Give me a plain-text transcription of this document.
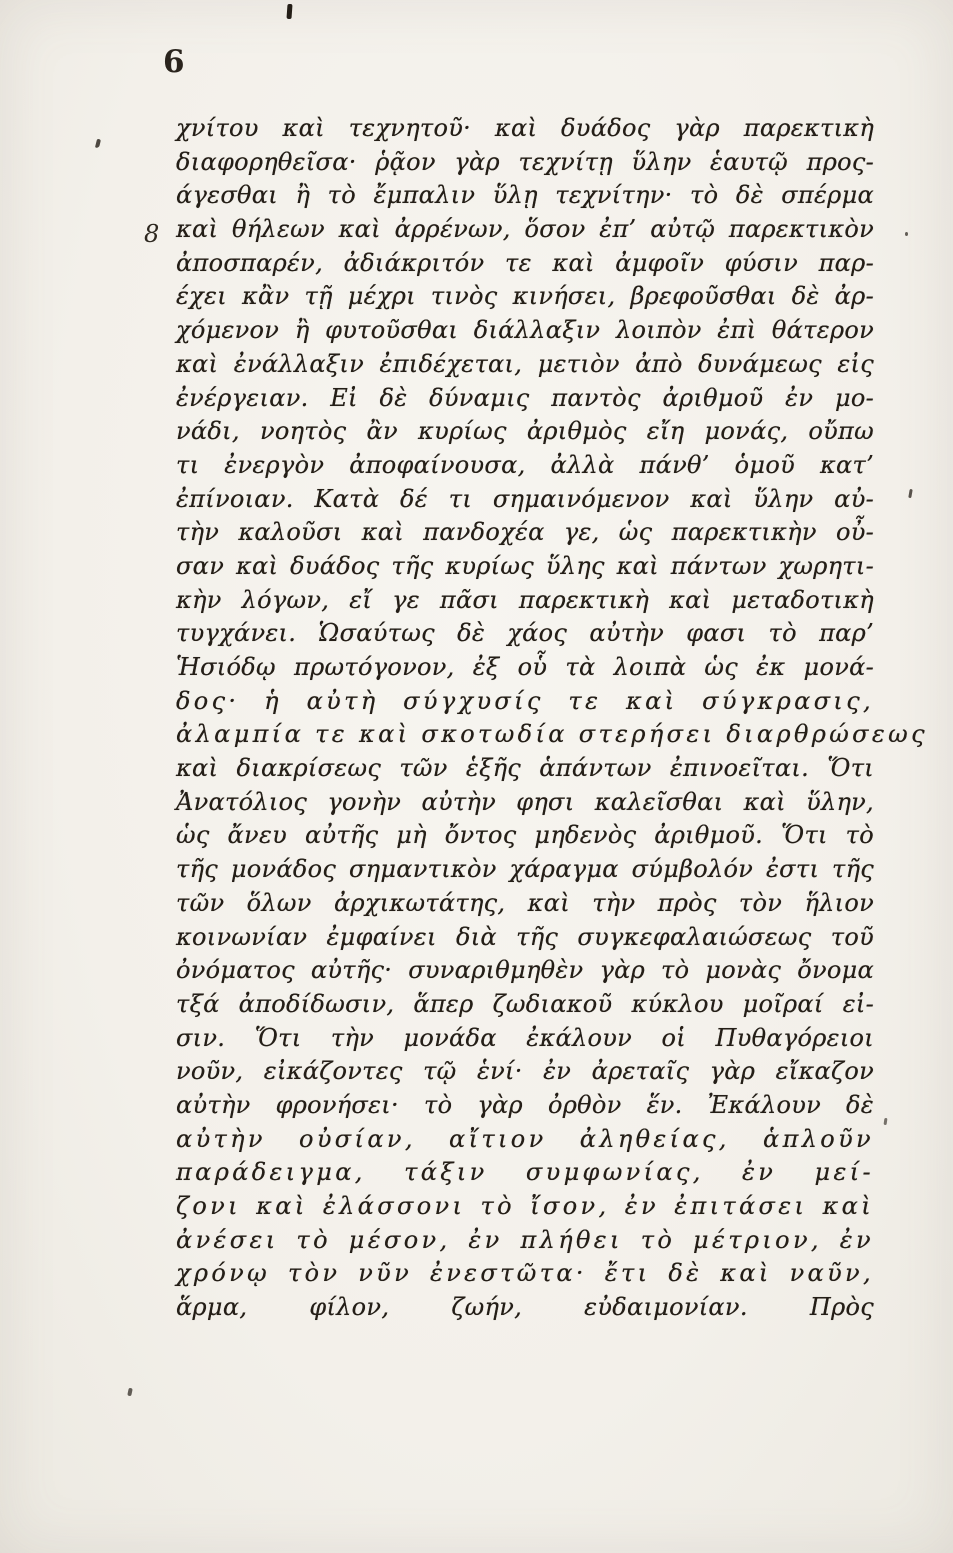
6
8
χνίτου καὶ τεχνητοῦ· καὶ δυάδος γὰρ παρεκτικὴ
διαφορηθεῖσα· ῥᾷον γὰρ τεχνίτῃ ὕλην ἑαυτῷ προς-
άγεσθαι ἢ τὸ ἔμπαλιν ὕλῃ τεχνίτην· τὸ δὲ σπέρμα
καὶ θήλεων καὶ ἀρρένων, ὅσον ἐπ’ αὐτῷ παρεκτικὸν
ἀποσπαρέν, ἀδιάκριτόν τε καὶ ἀμφοῖν φύσιν παρ-
έχει κἂν τῇ μέχρι τινὸς κινήσει, βρεφοῦσθαι δὲ ἀρ-
χόμενον ἢ φυτοῦσθαι διάλλαξιν λοιπὸν ἐπὶ θάτερον
καὶ ἐνάλλαξιν ἐπιδέχεται, μετιὸν ἀπὸ δυνάμεως εἰς
ἐνέργειαν. Εἰ δὲ δύναμις παντὸς ἀριθμοῦ ἐν μο-
νάδι, νοητὸς ἂν κυρίως ἀριθμὸς εἴη μονάς, οὔπω
τι ἐνεργὸν ἀποφαίνουσα, ἀλλὰ πάνθ’ ὁμοῦ κατ’
ἐπίνοιαν. Κατὰ δέ τι σημαινόμενον καὶ ὕλην αὐ-
τὴν καλοῦσι καὶ πανδοχέα γε, ὡς παρεκτικὴν οὖ-
σαν καὶ δυάδος τῆς κυρίως ὕλης καὶ πάντων χωρητι-
κὴν λόγων, εἴ γε πᾶσι παρεκτικὴ καὶ μεταδοτικὴ
τυγχάνει. Ὡσαύτως δὲ χάος αὐτὴν φασι τὸ παρ’
Ἡσιόδῳ πρωτόγονον, ἐξ οὗ τὰ λοιπὰ ὡς ἐκ μονά-
δος· ἡ αὐτὴ σύγχυσίς τε καὶ σύγκρασις,
ἀλαμπία τε καὶ σκοτωδία στερήσει διαρθρώσεως
καὶ διακρίσεως τῶν ἑξῆς ἁπάντων ἐπινοεῖται. Ὅτι
Ἀνατόλιος γονὴν αὐτὴν φησι καλεῖσθαι καὶ ὕλην,
ὡς ἄνευ αὐτῆς μὴ ὄντος μηδενὸς ἀριθμοῦ. Ὅτι τὸ
τῆς μονάδος σημαντικὸν χάραγμα σύμβολόν ἐστι τῆς
τῶν ὅλων ἀρχικωτάτης, καὶ τὴν πρὸς τὸν ἥλιον
κοινωνίαν ἐμφαίνει διὰ τῆς συγκεφαλαιώσεως τοῦ
ὀνόματος αὐτῆς· συναριθμηθὲν γὰρ τὸ μονὰς ὄνομα
τξά ἀποδίδωσιν, ἅπερ ζωδιακοῦ κύκλου μοῖραί εἰ-
σιν. Ὅτι τὴν μονάδα ἐκάλουν οἱ Πυθαγόρειοι
νοῦν, εἰκάζοντες τῷ ἑνί· ἐν ἀρεταῖς γὰρ εἴκαζον
αὐτὴν φρονήσει· τὸ γὰρ ὀρθὸν ἕν. Ἐκάλουν δὲ
αὐτὴν οὐσίαν, αἴτιον ἀληθείας, ἁπλοῦν
παράδειγμα, τάξιν συμφωνίας, ἐν μεί-
ζονι καὶ ἐλάσσονι τὸ ἴσον, ἐν ἐπιτάσει καὶ
ἀνέσει τὸ μέσον, ἐν πλήθει τὸ μέτριον, ἐν
χρόνῳ τὸν νῦν ἐνεστῶτα· ἔτι δὲ καὶ ναῦν,
ἅρμα, φίλον, ζωήν, εὐδαιμονίαν. Πρὸς
